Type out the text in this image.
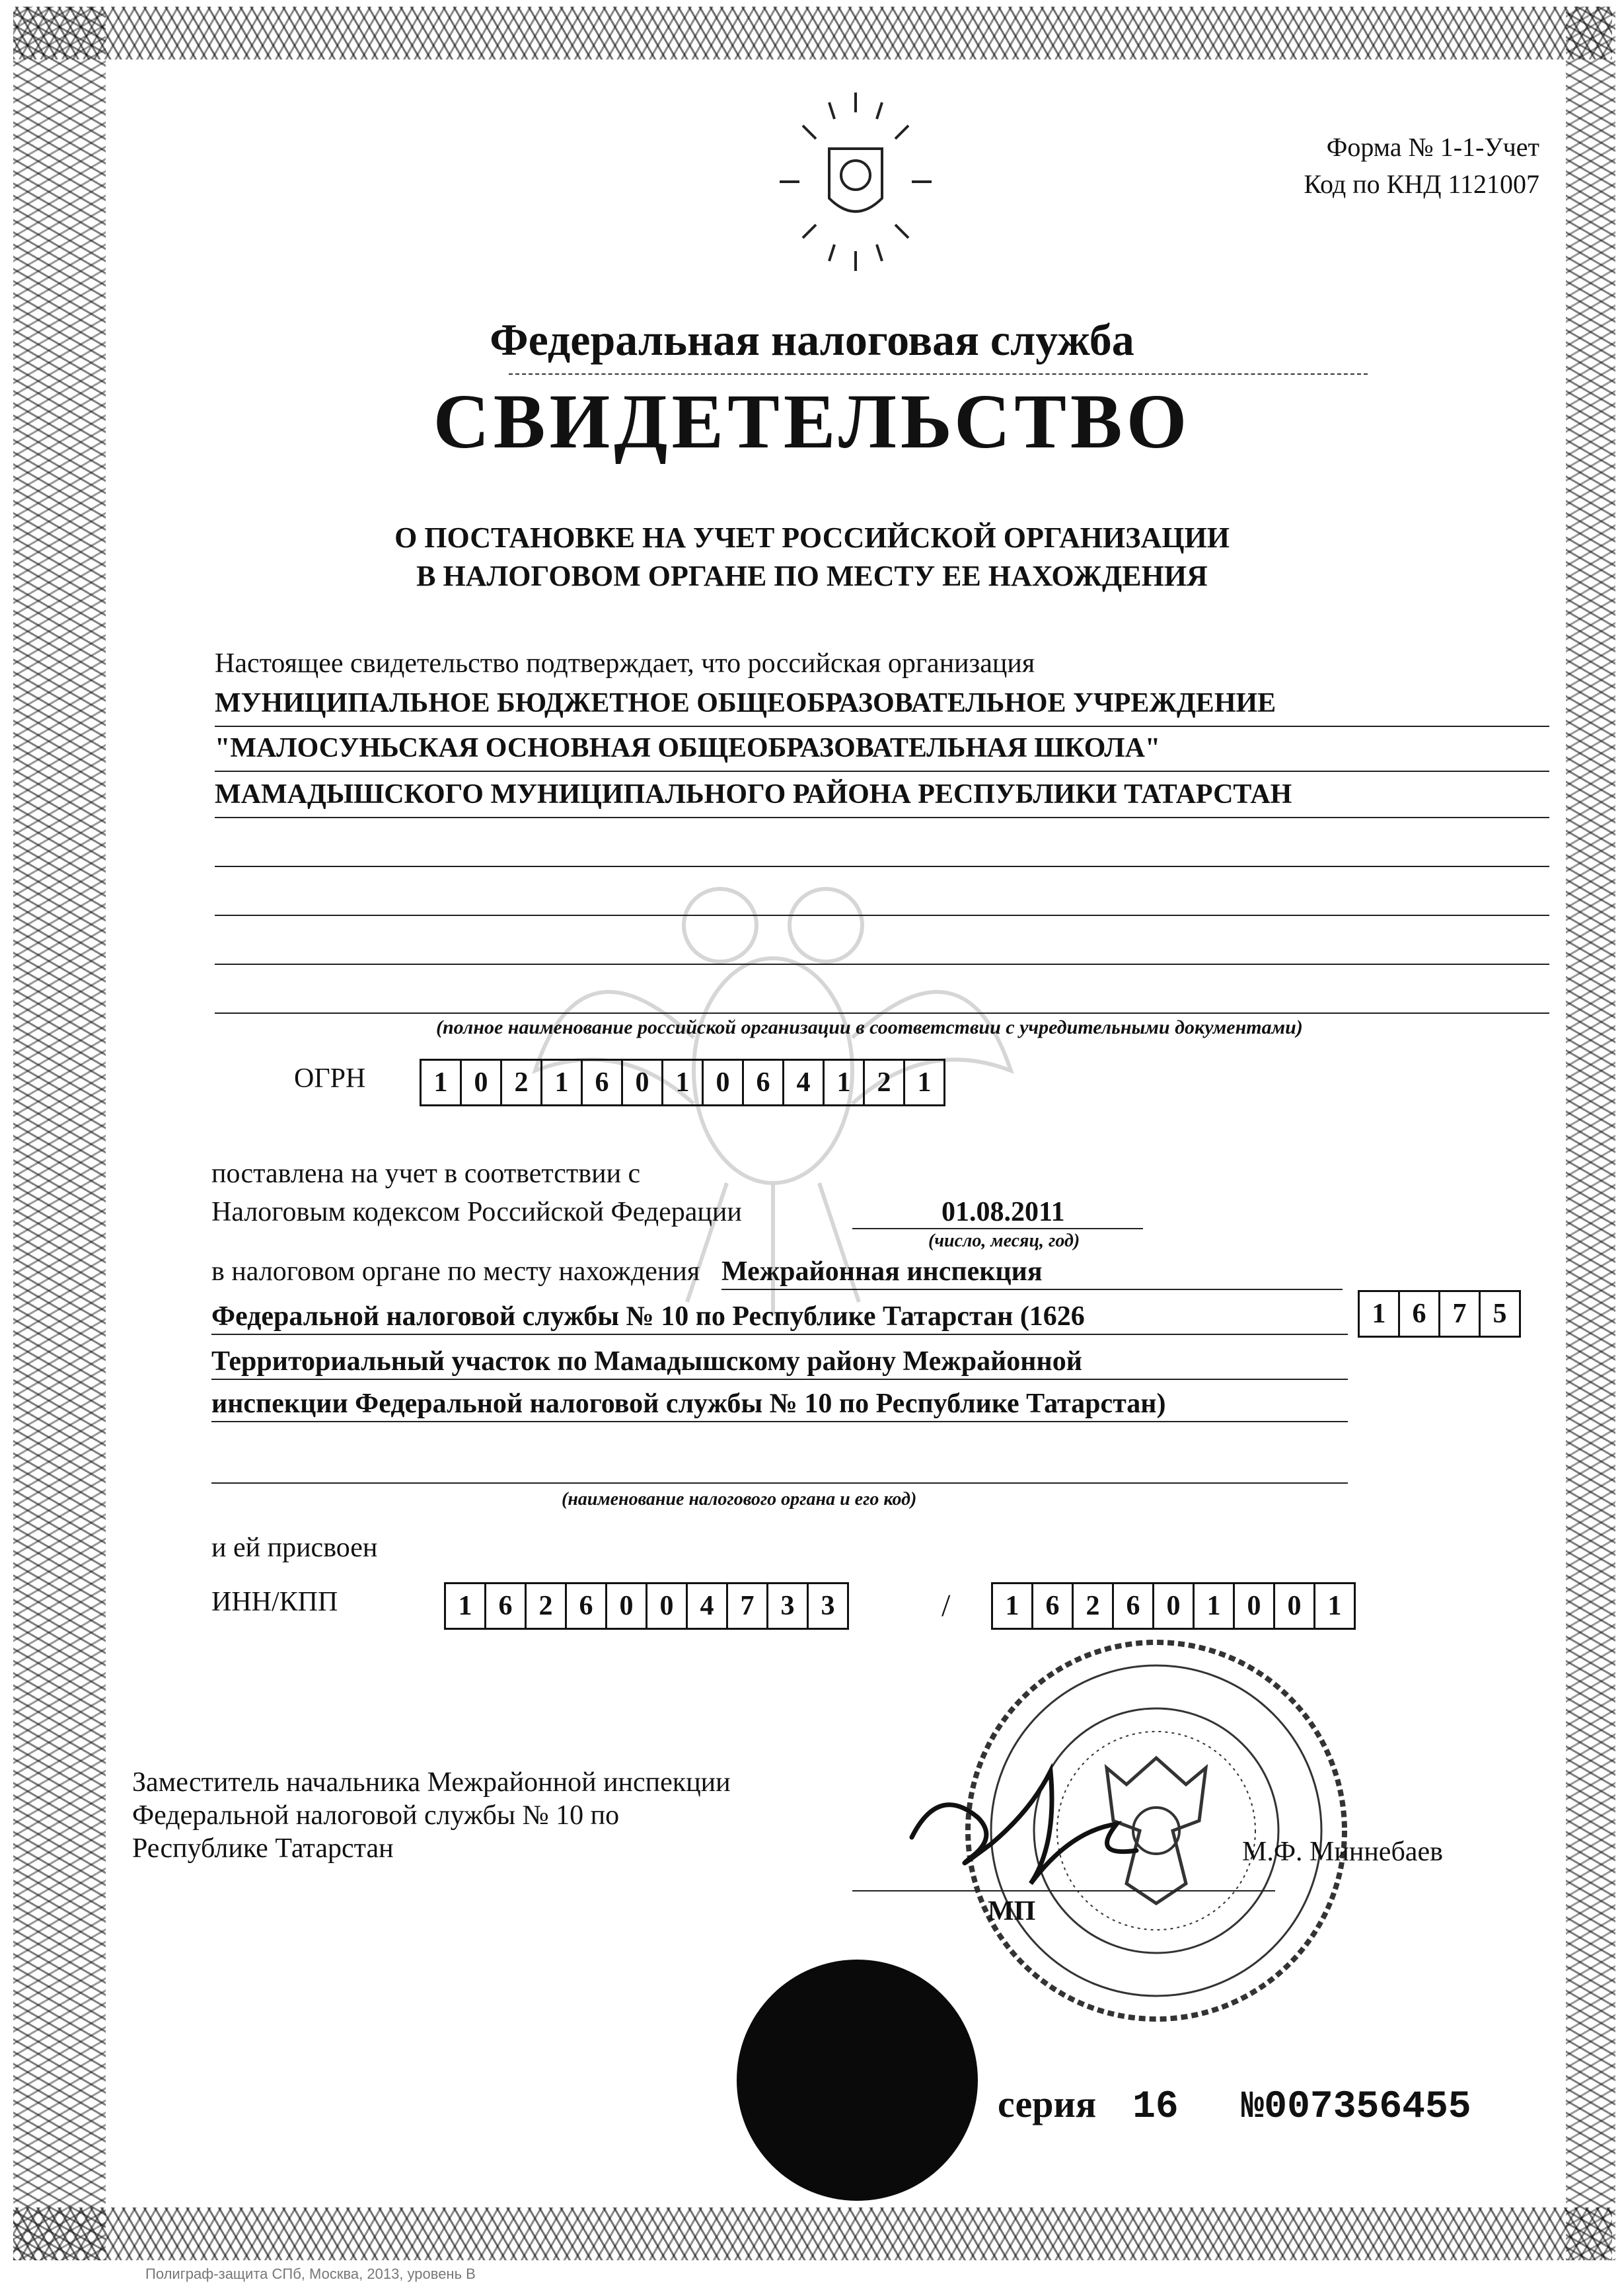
Форма № 1-1-Учет
Код по КНД 1121007
Федеральная налоговая служба
СВИДЕТЕЛЬСТВО
О ПОСТАНОВКЕ НА УЧЕТ РОССИЙСКОЙ ОРГАНИЗАЦИИ
В НАЛОГОВОМ ОРГАНЕ ПО МЕСТУ ЕЕ НАХОЖДЕНИЯ
Настоящее свидетельство подтверждает, что российская организация
МУНИЦИПАЛЬНОЕ БЮДЖЕТНОЕ ОБЩЕОБРАЗОВАТЕЛЬНОЕ УЧРЕЖДЕНИЕ
"МАЛОСУНЬСКАЯ ОСНОВНАЯ ОБЩЕОБРАЗОВАТЕЛЬНАЯ ШКОЛА"
МАМАДЫШСКОГО МУНИЦИПАЛЬНОГО РАЙОНА РЕСПУБЛИКИ ТАТАРСТАН
(полное наименование российской организации в соответствии с учредительными документами)
ОГРН	1 0 2 1 6 0 1 0 6 4 1 2 1
поставлена на учет в соответствии с
Налоговым кодексом Российской Федерации	01.08.2011
(число, месяц, год)
в налоговом органе по месту нахождения Межрайонная инспекция
Федеральной налоговой службы № 10 по Республике Татарстан (1626	1 6 7 5
Территориальный участок по Мамадышскому району Межрайонной
инспекции Федеральной налоговой службы № 10 по Республике Татарстан)
(наименование налогового органа и его код)
и ей присвоен
ИНН/КПП	1 6 2 6 0 0 4 7 3 3	/	1 6 2 6 0 1 0 0 1
Заместитель начальника Межрайонной инспекции
Федеральной налоговой службы № 10 по
Республике Татарстан	М.Ф. Миннебаев
МП
серия 16 №007356455
Полиграф-защита СПб, Москва, 2013, уровень В
